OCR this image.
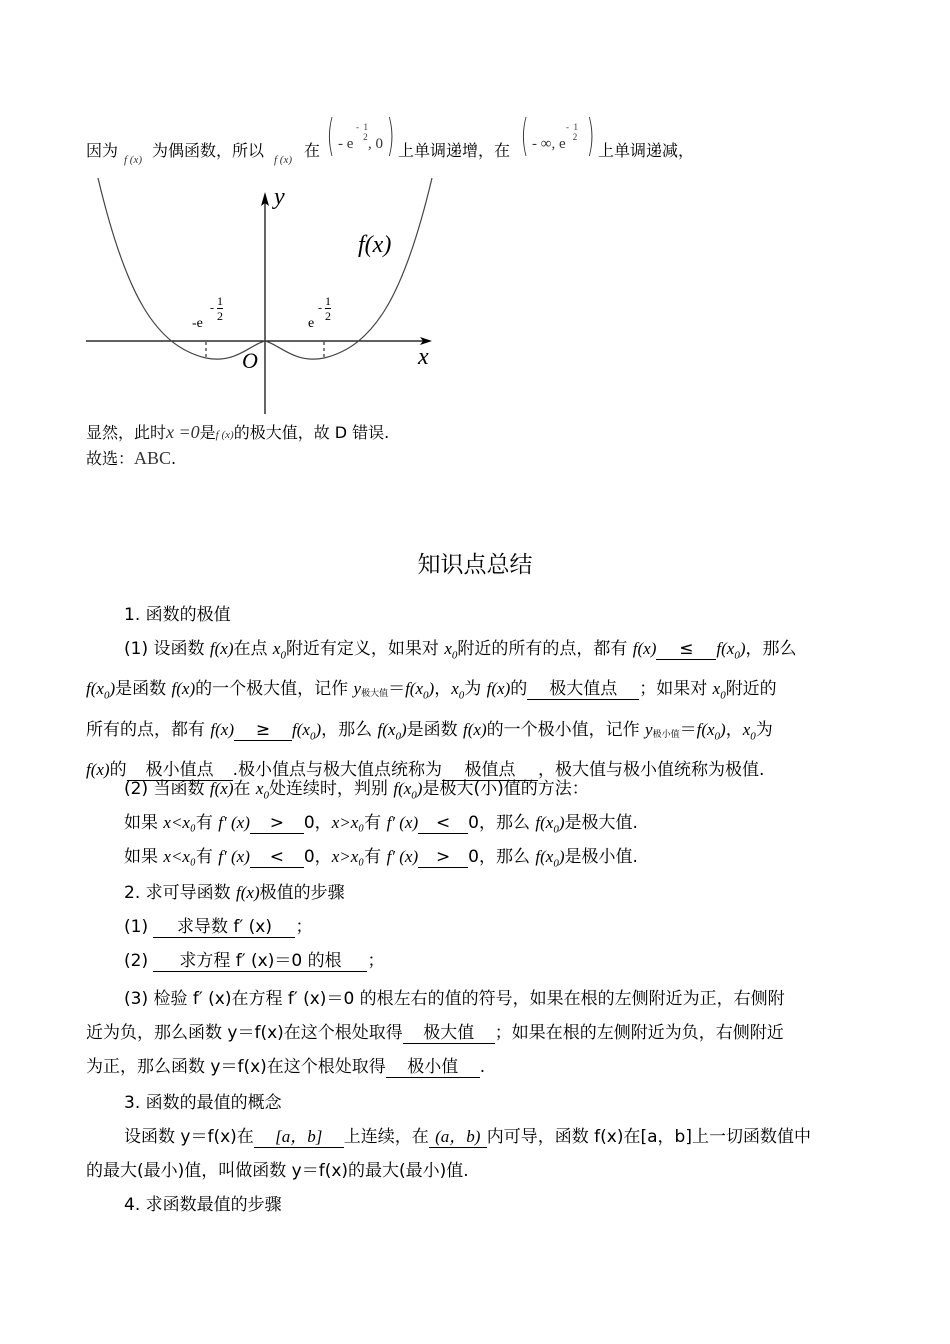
因为 f (x) 为偶函数，所以 f (x) 在 ( - e
-  1
2 , 0 ) 上单调递增，在 ( - ∞, e
-  1
2 ) 上单调递减，
y
x
O
f(x)
-e
- $\frac{1}{2}$
e
- $\frac{1}{2}$
显然，此时x =0是f (x)的极大值，故 D 错误.
故选：ABC.
知识点总结
1. 函数的极值
(1) 设函数 f(x)在点 $x_0$附近有定义，如果对 $x_0$附近的所有的点，都有 $f(x) \le f(x_0)$，那么
$f(x_0)$是函数 f(x)的一个极大值，记作 y极大值$=f(x_0)$，$x_0$为 f(x)的 极大值点 ；如果对 $x_0$附近的
所有的点，都有 $f(x) \ge f(x_0)$，那么 $f(x_0)$是函数 f(x)的一个极小值，记作 y极小值$=f(x_0)$，$x_0$为
f(x)的 极小值点 .极小值点与极大值点统称为 极值点 ，极大值与极小值统称为极值.
(2) 当函数 f(x)在 $x_0$处连续时，判别 $f(x_0)$是极大(小)值的方法：
如果 x<x₀有 f′ (x) > 0，x>x₀有 f′ (x) < 0，那么 $f(x_0)$是极大值.
如果 x<x₀有 f′ (x) < 0，x>x₀有 f′ (x) > 0，那么 $f(x_0)$是极小值.
2. 求可导函数 f(x)极值的步骤
(1) 求导数 f′ (x) ；
(2) 求方程 f′ (x)＝0 的根 ；
(3) 检验 f′ (x)在方程 f′ (x)＝0 的根左右的值的符号，如果在根的左侧附近为正，右侧附
近为负，那么函数 y＝f(x)在这个根处取得 极大值 ；如果在根的左侧附近为负，右侧附近
为正，那么函数 y＝f(x)在这个根处取得 极小值 .
3. 函数的最值的概念
设函数 y＝f(x)在 [a，b] 上连续，在 (a，b) 内可导，函数 f(x)在[a，b]上一切函数值中
的最大(最小)值，叫做函数 y＝f(x)的最大(最小)值.
4. 求函数最值的步骤
